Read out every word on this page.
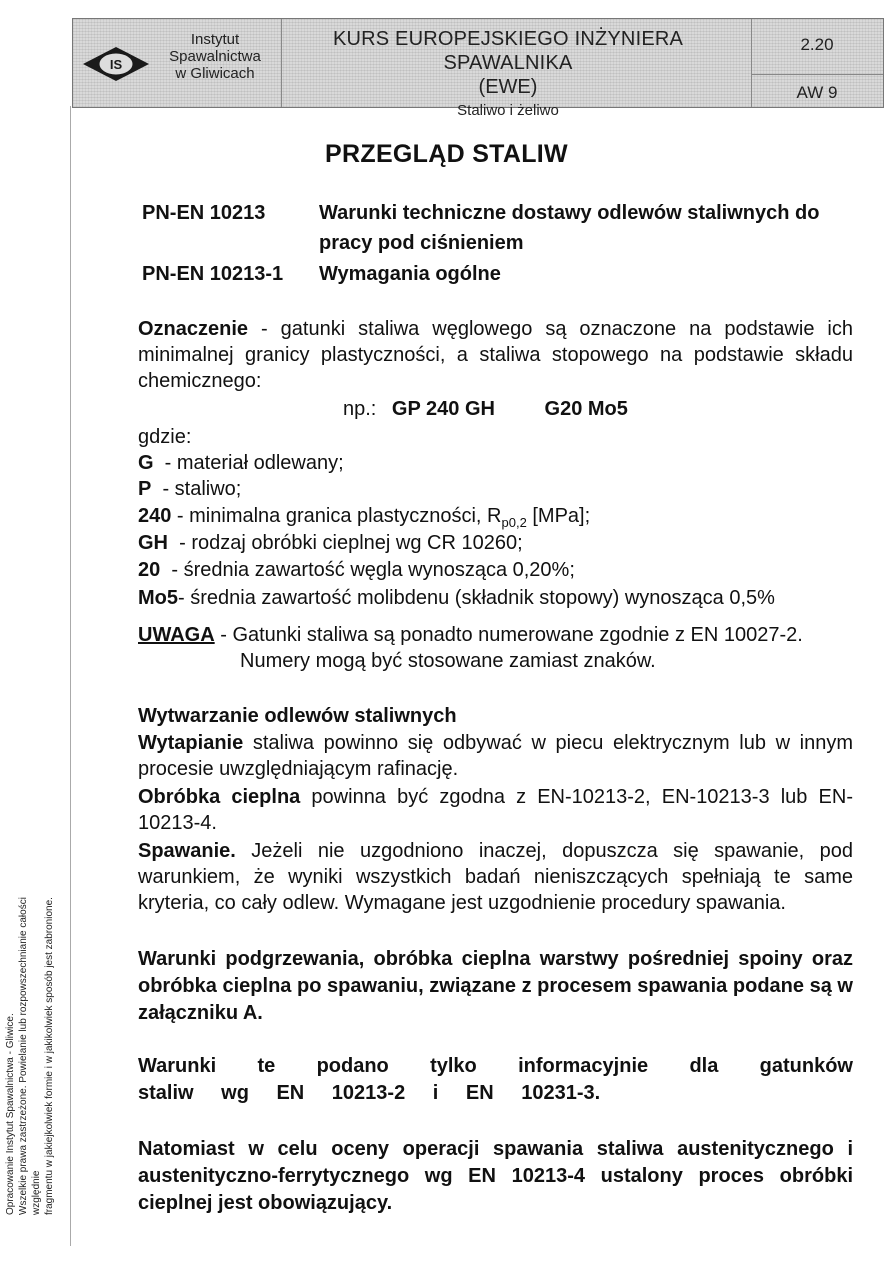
IS
Instytut
Spawalnictwa
w Gliwicach
KURS EUROPEJSKIEGO INŻYNIERA SPAWALNIKA
(EWE)
Staliwo i żeliwo
2.20
AW 9
Opracowanie Instytut Spawalnictwa - Gliwice. Wszelkie prawa zastrzeżone. Powielanie lub rozpowszechnianie całości względnie fragmentu w jakiejkolwiek formie i w jakikolwiek sposób jest zabronione.
PRZEGLĄD STALIW
PN-EN 10213	Warunki techniczne dostawy odlewów staliwnych do pracy pod ciśnieniem
PN-EN 10213-1	Wymagania ogólne
Oznaczenie - gatunki staliwa węglowego są oznaczone na podstawie ich minimalnej granicy plastyczności, a staliwa stopowego na podstawie składu chemicznego:
np.: GP 240 GH G20 Mo5
gdzie:
G  - materiał odlewany;
P  - staliwo;
240 - minimalna granica plastyczności, $R_{p0,2}$ [MPa];
GH  - rodzaj obróbki cieplnej wg CR 10260;
20  - średnia zawartość węgla wynosząca 0,20%;
Mo5- średnia zawartość molibdenu (składnik stopowy) wynosząca 0,5%
UWAGA - Gatunki staliwa są ponadto numerowane zgodnie z EN 10027-2.
Numery mogą być stosowane zamiast znaków.
Wytwarzanie odlewów staliwnych
Wytapianie staliwa powinno się odbywać w piecu elektrycznym lub w innym procesie uwzględniającym rafinację.
Obróbka cieplna powinna być zgodna z EN-10213-2, EN-10213-3 lub EN-10213-4.
Spawanie. Jeżeli nie uzgodniono inaczej, dopuszcza się spawanie, pod warunkiem, że wyniki wszystkich badań nieniszczących spełniają te same kryteria, co cały odlew. Wymagane jest uzgodnienie procedury spawania.
Warunki podgrzewania, obróbka cieplna warstwy pośredniej spoiny oraz obróbka cieplna po spawaniu, związane z procesem spawania podane są w załączniku A.
Warunki te podano tylko informacyjnie dla gatunków staliw wg EN 10213-2 i EN 10231-3.
Natomiast w celu oceny operacji spawania staliwa austenitycznego i austenityczno-ferrytycznego wg EN 10213-4 ustalony proces obróbki cieplnej jest obowiązujący.
